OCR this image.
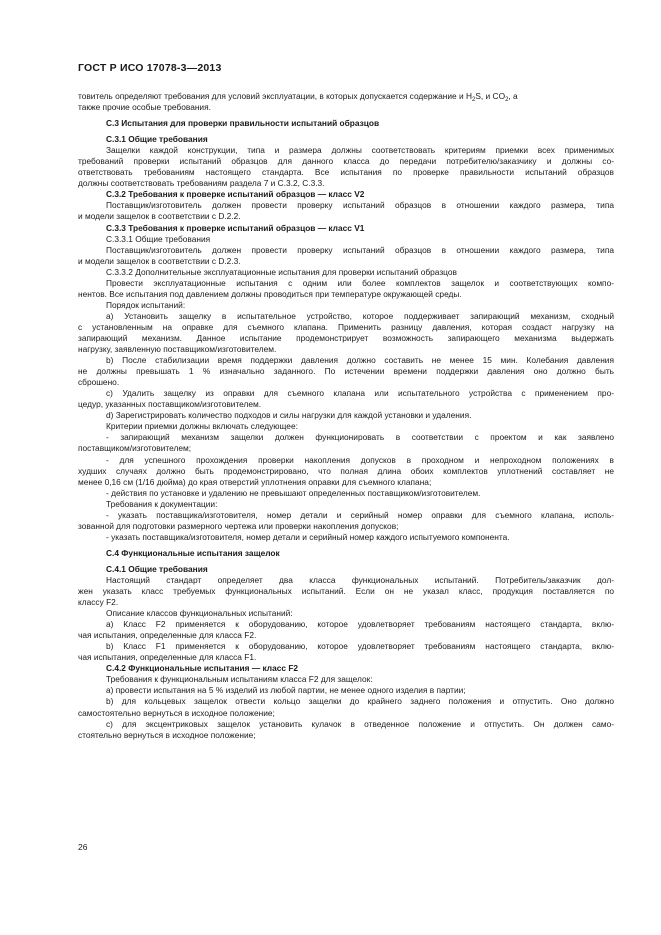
ГОСТ Р ИСО 17078-3—2013
товитель определяют требования для условий эксплуатации, в которых допускается содержание и $H_2S$, и $CO_2$, а
также прочие особые требования.
С.3 Испытания для проверки правильности испытаний образцов
С.3.1 Общие требования
Защелки каждой конструкции, типа и размера должны соответствовать критериям приемки всех применимых
требований проверки испытаний образцов для данного класса до передачи потребителю/заказчику и должны со-
ответствовать требованиям настоящего стандарта. Все испытания по проверке правильности испытаний образцов
должны соответствовать требованиям раздела 7 и С.3.2, С.3.3.
С.3.2 Требования к проверке испытаний образцов — класс V2
Поставщик/изготовитель должен провести проверку испытаний образцов в отношении каждого размера, типа
и модели защелок в соответствии с D.2.2.
С.3.3 Требования к проверке испытаний образцов — класс V1
С.3.3.1 Общие требования
Поставщик/изготовитель должен провести проверку испытаний образцов в отношении каждого размера, типа
и модели защелок в соответствии с D.2.3.
С.3.3.2 Дополнительные эксплуатационные испытания для проверки испытаний образцов
Провести эксплуатационные испытания с одним или более комплектов защелок и соответствующих компо-
нентов. Все испытания под давлением должны проводиться при температуре окружающей среды.
Порядок испытаний:
a) Установить защелку в испытательное устройство, которое поддерживает запирающий механизм, сходный
с установленным на оправке для съемного клапана. Применить разницу давления, которая создаст нагрузку на
запирающий механизм. Данное испытание продемонстрирует возможность запирающего механизма выдержать
нагрузку, заявленную поставщиком/изготовителем.
b) После стабилизации время поддержки давления должно составить не менее 15 мин. Колебания давления
не должны превышать 1 % изначально заданного. По истечении времени поддержки давления оно должно быть
сброшено.
c) Удалить защелку из оправки для съемного клапана или испытательного устройства с применением про-
цедур, указанных поставщиком/изготовителем.
d) Зарегистрировать количество подходов и силы нагрузки для каждой установки и удаления.
Критерии приемки должны включать следующее:
- запирающий механизм защелки должен функционировать в соответствии с проектом и как заявлено
поставщиком/изготовителем;
- для успешного прохождения проверки накопления допусков в проходном и непроходном положениях в
худших случаях должно быть продемонстрировано, что полная длина обоих комплектов уплотнений составляет не
менее 0,16 см (1/16 дюйма) до края отверстий уплотнения оправки для съемного клапана;
- действия по установке и удалению не превышают определенных поставщиком/изготовителем.
Требования к документации:
- указать поставщика/изготовителя, номер детали и серийный номер оправки для съемного клапана, исполь-
зованной для подготовки размерного чертежа или проверки накопления допусков;
- указать поставщика/изготовителя, номер детали и серийный номер каждого испытуемого компонента.
С.4 Функциональные испытания защелок
С.4.1 Общие требования
Настоящий стандарт определяет два класса функциональных испытаний. Потребитель/заказчик дол-
жен указать класс требуемых функциональных испытаний. Если он не указал класс, продукция поставляется по
классу F2.
Описание классов функциональных испытаний:
a) Класс F2 применяется к оборудованию, которое удовлетворяет требованиям настоящего стандарта, вклю-
чая испытания, определенные для класса F2.
b) Класс F1 применяется к оборудованию, которое удовлетворяет требованиям настоящего стандарта, вклю-
чая испытания, определенные для класса F1.
С.4.2 Функциональные испытания — класс F2
Требования к функциональным испытаниям класса F2 для защелок:
a) провести испытания на 5 % изделий из любой партии, не менее одного изделия в партии;
b) для кольцевых защелок отвести кольцо защелки до крайнего заднего положения и отпустить. Оно должно
самостоятельно вернуться в исходное положение;
c) для эксцентриковых защелок установить кулачок в отведенное положение и отпустить. Он должен само-
стоятельно вернуться в исходное положение;
26
